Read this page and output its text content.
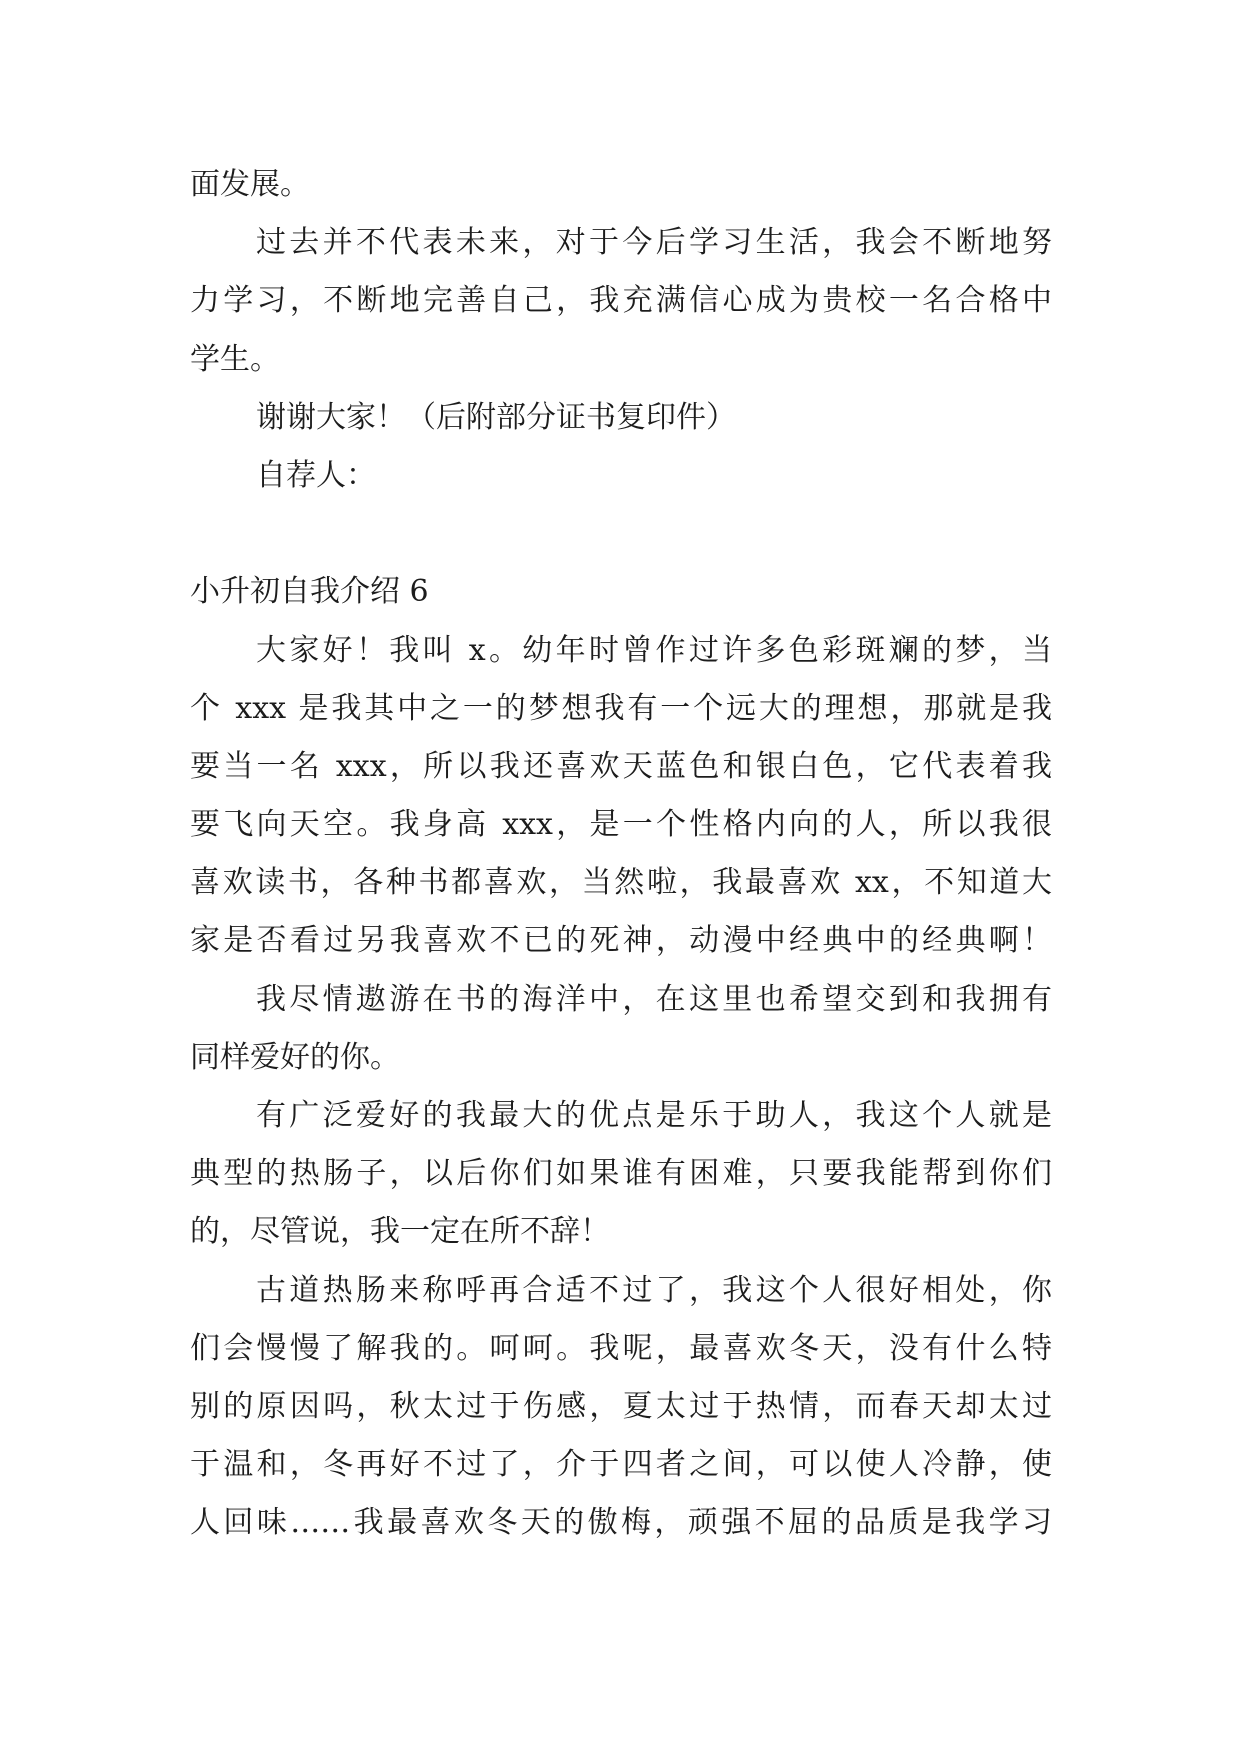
面发展。
过去并不代表未来，对于今后学习生活，我会不断地努
力学习，不断地完善自己，我充满信心成为贵校一名合格中
学生。
谢谢大家！（后附部分证书复印件）
自荐人：
小升初自我介绍 6
大家好！我叫 x。幼年时曾作过许多色彩斑斓的梦，当
个 xxx 是我其中之一的梦想我有一个远大的理想，那就是我
要当一名 xxx，所以我还喜欢天蓝色和银白色，它代表着我
要飞向天空。我身高 xxx，是一个性格内向的人，所以我很
喜欢读书，各种书都喜欢，当然啦，我最喜欢 xx，不知道大
家是否看过另我喜欢不已的死神，动漫中经典中的经典啊！
我尽情遨游在书的海洋中，在这里也希望交到和我拥有
同样爱好的你。
有广泛爱好的我最大的优点是乐于助人，我这个人就是
典型的热肠子，以后你们如果谁有困难，只要我能帮到你们
的，尽管说，我一定在所不辞！
古道热肠来称呼再合适不过了，我这个人很好相处，你
们会慢慢了解我的。呵呵。我呢，最喜欢冬天，没有什么特
别的原因吗，秋太过于伤感，夏太过于热情，而春天却太过
于温和，冬再好不过了，介于四者之间，可以使人冷静，使
人回味……我最喜欢冬天的傲梅，顽强不屈的品质是我学习
